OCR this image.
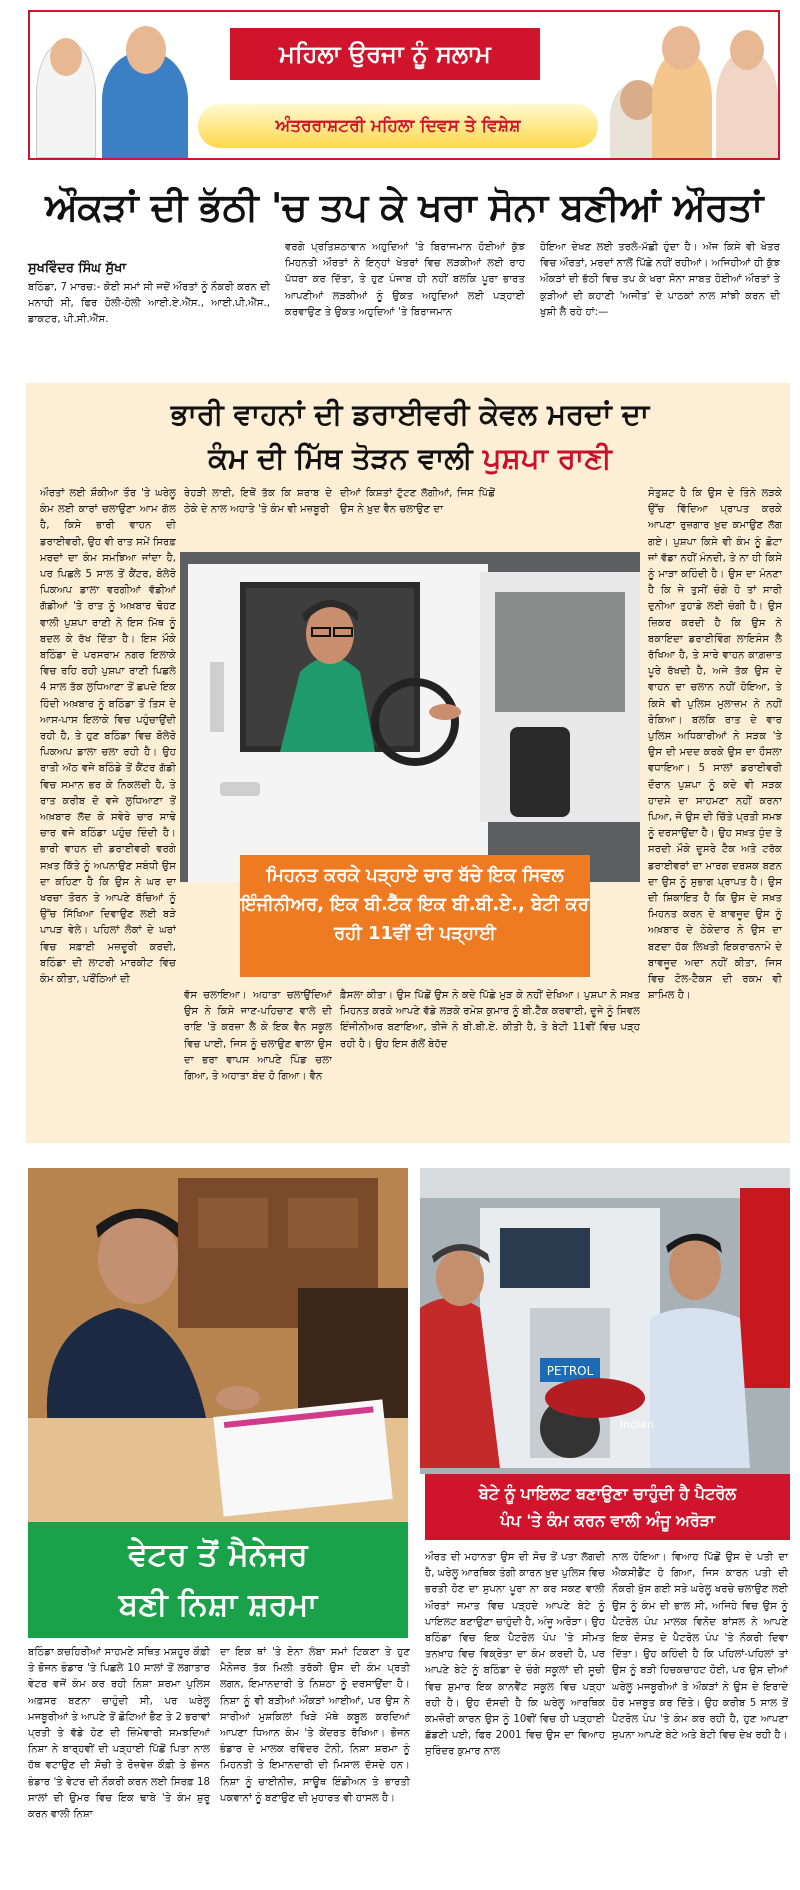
ਮਹਿਲਾ ਉਰਜਾ ਨੂੰ ਸਲਾਮ
ਅੰਤਰਰਾਸ਼ਟਰੀ ਮਹਿਲਾ ਦਿਵਸ ਤੇ ਵਿਸ਼ੇਸ਼
ਔਕੜਾਂ ਦੀ ਭੱਠੀ 'ਚ ਤਪ ਕੇ ਖਰਾ ਸੋਨਾ ਬਣੀਆਂ ਔਰਤਾਂ
ਸੁਖਵਿੰਦਰ ਸਿੰਘ ਸੁੱਖਾ
ਬਠਿੰਡਾ, 7 ਮਾਰਚ:- ਕੋਈ ਸਮਾਂ ਸੀ ਜਦੋਂ ਔਰਤਾਂ ਨੂੰ ਨੌਕਰੀ ਕਰਨ ਦੀ ਮਨਾਹੀ ਸੀ, ਫਿਰ ਹੋਲੀ-ਹੋਲੀ ਆਈ.ਏ.ਐੱਸ., ਆਈ.ਪੀ.ਐੱਸ., ਡਾਕਟਰ, ਪੀ.ਸੀ.ਐੱਸ.
ਵਰਗੇ ਪ੍ਰਤਿਸ਼ਠਾਵਾਨ ਅਹੁਦਿਆਂ 'ਤੇ ਬਿਰਾਜਮਾਨ ਹੋਈਆਂ ਕੁੱਝ ਮਿਹਨਤੀ ਔਰਤਾਂ ਨੇ ਇਨ੍ਹਾਂ ਖੇਤਰਾਂ ਵਿਚ ਲੜਕੀਆਂ ਲਈ ਰਾਹ ਪੱਧਰਾ ਕਰ ਦਿੱਤਾ, ਤੇ ਹੁਣ ਪੰਜਾਬ ਹੀ ਨਹੀਂ ਬਲਕਿ ਪੂਰਾ ਭਾਰਤ ਆਪਣੀਆਂ ਲੜਕੀਆਂ ਨੂੰ ਉਕਤ ਅਹੁਦਿਆਂ ਲਈ ਪੜ੍ਹਾਈ ਕਰਵਾਉਣ ਤੇ ਉਕਤ ਅਹੁਦਿਆਂ 'ਤੇ ਬਿਰਾਜਮਾਨ
ਹੋਇਆ ਦੇਖਣ ਲਈ ਤਰਲੋ-ਮੱਛੀ ਹੁੰਦਾ ਹੈ। ਅੱਜ ਕਿਸੇ ਵੀ ਖੇਤਰ ਵਿਚ ਔਰਤਾਂ, ਮਰਦਾਂ ਨਾਲੋਂ ਪਿੱਛੇ ਨਹੀਂ ਰਹੀਆਂ। ਅਜਿਹੀਆਂ ਹੀ ਕੁੱਝ ਔਕੜਾਂ ਦੀ ਭੱਠੀ ਵਿਚ ਤਪ ਕੇ ਖਰਾ ਸੋਨਾ ਸਾਬਤ ਹੋਈਆਂ ਔਰਤਾਂ ਤੇ ਕੁੜੀਆਂ ਦੀ ਕਹਾਣੀ 'ਅਜੀਤ' ਦੇ ਪਾਠਕਾਂ ਨਾਲ ਸਾਂਝੀ ਕਰਨ ਦੀ ਖੁਸ਼ੀ ਲੈ ਰਹੇ ਹਾਂ:—
ਭਾਰੀ ਵਾਹਨਾਂ ਦੀ ਡਰਾਈਵਰੀ ਕੇਵਲ ਮਰਦਾਂ ਦਾ
ਕੰਮ ਦੀ ਮਿੱਥ ਤੋੜਨ ਵਾਲੀ ਪੁਸ਼ਪਾ ਰਾਣੀ
ਔਰਤਾਂ ਲਈ ਸ਼ੌਕੀਆ ਤੌਰ 'ਤੇ ਘਰੇਲੂ ਕੰਮ ਲਈ ਕਾਰਾਂ ਚਲਾਉਣਾ ਆਮ ਗੱਲ ਹੈ, ਕਿਸੇ ਭਾਰੀ ਵਾਹਨ ਦੀ ਡਰਾਈਵਰੀ, ਉਹ ਵੀ ਰਾਤ ਸਮੇਂ ਸਿਰਫ਼ ਮਰਦਾਂ ਦਾ ਕੰਮ ਸਮਝਿਆ ਜਾਂਦਾ ਹੈ, ਪਰ ਪਿਛਲੇ 5 ਸਾਲ ਤੋਂ ਕੈਂਟਰ, ਬੋਲੇਰੋ ਪਿਕਅਪ ਡਾਲਾ ਵਰਗੀਆਂ ਵੱਡੀਆਂ ਗੱਡੀਆਂ 'ਤੇ ਰਾਤ ਨੂੰ ਅਖ਼ਬਾਰ ਢੋਹਣ ਵਾਲੀ ਪੁਸ਼ਪਾ ਰਾਣੀ ਨੇ ਇਸ ਮਿੱਥ ਨੂੰ ਬਦਲ ਕੇ ਰੱਖ ਦਿੱਤਾ ਹੈ। ਇਸ ਮੌਕੇ ਬਠਿੰਡਾ ਦੇ ਪਰਸਰਾਮ ਨਗਰ ਇਲਾਕੇ ਵਿਚ ਰਹਿ ਰਹੀ ਪੁਸ਼ਪਾ ਰਾਣੀ ਪਿਛਲੇ 4 ਸਾਲ ਤੱਕ ਲੁਧਿਆਣਾ ਤੋਂ ਛਪਦੇ ਇਕ ਹਿੰਦੀ ਅਖ਼ਬਾਰ ਨੂੰ ਬਠਿੰਡਾ ਤੋਂ ਤਿਸ ਦੇ ਆਸ-ਪਾਸ ਇਲਾਕੇ ਵਿਚ ਪਹੁੰਚਾਉਂਦੀ ਰਹੀ ਹੈ, ਤੇ ਹੁਣ ਬਠਿੰਡਾ ਵਿਚ ਬੋਲੇਰੋ ਪਿਕਅਪ ਡਾਲਾ ਚਲਾ ਰਹੀ ਹੈ। ਉਹ ਰਾਤੀ ਅੱਠ ਵਜੇ ਬਠਿੰਡੇ ਤੋਂ ਕੈਂਟਰ ਗੱਡੀ ਵਿਚ ਸਮਾਨ ਭਰ ਕੇ ਨਿਕਲਦੀ ਹੈ, ਤੇ ਰਾਤ ਕਰੀਬ ਦੋ ਵਜੇ ਲੁਧਿਆਣਾ ਤੋਂ ਅਖ਼ਬਾਰ ਲੱਦ ਕੇ ਸਵੇਰੇ ਚਾਰ ਸਾਢੇ ਚਾਰ ਵਜੇ ਬਠਿੰਡਾ ਪਹੁੰਚ ਦਿੰਦੀ ਹੈ। ਭਾਰੀ ਵਾਹਨ ਦੀ ਡਰਾਈਵਰੀ ਵਰਗੇ ਸਖ਼ਤ ਕਿੱਤੇ ਨੂੰ ਅਪਨਾਉਣ ਸਬੰਧੀ ਉਸ ਦਾ ਕਹਿਣਾ ਹੈ ਕਿ ਉਸ ਨੇ ਘਰ ਦਾ ਖਰਚਾ ਤੋਰਨ ਤੇ ਆਪਣੇ ਬੱਚਿਆਂ ਨੂੰ ਉੱਚ ਸਿੱਖਿਆ ਦਿਵਾਉਣ ਲਈ ਬੜੇ ਪਾਪੜ ਵੇਲੇ। ਪਹਿਲਾਂ ਲੋਕਾਂ ਦੇ ਘਰਾਂ ਵਿਚ ਸਫ਼ਾਈ ਮਜ਼ਦੂਰੀ ਕਰਦੀ, ਬਠਿੰਡਾ ਦੀ ਲਾਟਰੀ ਮਾਰਕੀਟ ਵਿਚ ਕੰਮ ਕੀਤਾ, ਪਰੌਂਠਿਆਂ ਦੀ
ਰੇਹੜੀ ਲਾਈ, ਇਥੋਂ ਤੱਕ ਕਿ ਸ਼ਰਾਬ ਦੇ ਠੇਕੇ ਦੇ ਨਾਲ ਅਹਾਤੇ 'ਤੇ ਕੰਮ ਵੀ ਮਜ਼ਬੂਰੀ
ਦੀਆਂ ਕਿਸ਼ਤਾਂ ਟੁੱਟਣ ਲੱਗੀਆਂ, ਜਿਸ ਪਿੱਛੋਂ ਉਸ ਨੇ ਖ਼ੁਦ ਵੈਨ ਚਲਾਉਣ ਦਾ
ਸੰਤੁਸ਼ਟ ਹੈ ਕਿ ਉਸ ਦੇ ਤਿੰਨੇ ਲੜਕੇ ਉੱਚ ਵਿੱਦਿਆ ਪ੍ਰਾਪਤ ਕਰਕੇ ਆਪਣਾ ਰੁਜ਼ਗਾਰ ਖ਼ੁਦ ਕਮਾਉਣ ਲੱਗ ਗਏ। ਪੁਸ਼ਪਾ ਕਿਸੇ ਵੀ ਕੰਮ ਨੂੰ ਛੋਟਾ ਜਾਂ ਵੱਡਾ ਨਹੀਂ ਮੰਨਦੀ, ਤੇ ਨਾ ਹੀ ਕਿਸੇ ਨੂੰ ਮਾੜਾ ਕਹਿੰਦੀ ਹੈ। ਉਸ ਦਾ ਮੰਨਣਾ ਹੈ ਕਿ ਜੇ ਤੁਸੀਂ ਚੰਗੇ ਹੋ ਤਾਂ ਸਾਰੀ ਦੁਨੀਆ ਤੁਹਾਡੇ ਲਈ ਚੰਗੀ ਹੈ। ਉਸ ਜ਼ਿਕਰ ਕਰਦੀ ਹੈ ਕਿ ਉਸ ਨੇ ਬਕਾਇਦਾ ਡਰਾਈਵਿੰਗ ਲਾਇਸੰਸ ਲੈ ਰੱਖਿਆ ਹੈ, ਤੇ ਸਾਰੇ ਵਾਹਨ ਕਾਗ਼ਜ਼ਾਤ ਪੂਰੇ ਰੱਖਦੀ ਹੈ, ਅਜੇ ਤੱਕ ਉਸ ਦੇ ਵਾਹਨ ਦਾ ਚਲਾਨ ਨਹੀਂ ਹੋਇਆ, ਤੇ ਕਿਸੇ ਵੀ ਪੁਲਿਸ ਮੁਲਾਜ਼ਮ ਨੇ ਨਹੀਂ ਰੋਕਿਆ। ਬਲਕਿ ਰਾਤ ਦੇ ਵਾਰ ਪੁਲਿਸ ਅਧਿਕਾਰੀਆਂ ਨੇ ਸੜਕ 'ਤੇ ਉਸ ਦੀ ਮਦਦ ਕਰਕੇ ਉਸ ਦਾ ਹੌਸਲਾ ਵਧਾਇਆ। 5 ਸਾਲਾਂ ਡਰਾਈਵਰੀ ਦੌਰਾਨ ਪੁਸ਼ਪਾ ਨੂੰ ਕਦੇ ਵੀ ਸੜਕ ਹਾਦਸੇ ਦਾ ਸਾਹਮਣਾ ਨਹੀਂ ਕਰਨਾ ਪਿਆ, ਜੋ ਉਸ ਦੀ ਚਿੱਤੇ ਪ੍ਰਤੀ ਸਮਝ ਨੂੰ ਦਰਸਾਉਂਦਾ ਹੈ। ਉਹ ਸਖ਼ਤ ਧੁੰਦ ਤੇ ਸਰਦੀ ਮੌਕੇ ਦੂਸਰੇ ਟੈਕ ਅਤੇ ਟਰੱਕ ਡਰਾਈਵਰਾਂ ਦਾ ਮਾਰਗ ਦਰਸ਼ਕ ਬਣਨ ਦਾ ਉਸ ਨੂੰ ਸੁਭਾਗ ਪ੍ਰਾਪਤ ਹੈ। ਉਸ ਦੀ ਸ਼ਿਕਾਇਤ ਹੈ ਕਿ ਉਸ ਦੇ ਸਖ਼ਤ ਮਿਹਨਤ ਕਰਨ ਦੇ ਬਾਵਜੂਦ ਉਸ ਨੂੰ ਅਖ਼ਬਾਰ ਦੇ ਠੇਕੇਦਾਰ ਨੇ ਉਸ ਦਾ ਬਣਦਾ ਹੱਕ ਲਿਖਤੀ ਇਕਰਾਰਨਾਮੇ ਦੇ ਬਾਵਜੂਦ ਅਦਾ ਨਹੀਂ ਕੀਤਾ, ਜਿਸ ਵਿਚ ਟੋਲ-ਟੈਕਸ ਦੀ ਰਕਮ ਵੀ ਸ਼ਾਮਿਲ ਹੈ।
ਮਿਹਨਤ ਕਰਕੇ ਪੜ੍ਹਾਏ ਚਾਰ ਬੱਚੇ ਇਕ ਸਿਵਲ ਇੰਜੀਨੀਅਰ, ਇਕ ਬੀ.ਟੈੱਕ ਇਕ ਬੀ.ਬੀ.ਏ., ਬੇਟੀ ਕਰ ਰਹੀ 11ਵੀਂ ਦੀ ਪੜ੍ਹਾਈ
ਵੱਸ ਚਲਾਇਆ। ਅਹਾਤਾ ਚਲਾਉਂਦਿਆਂ ਉਸ ਨੇ ਕਿਸੇ ਜਾਣ-ਪਹਿਚਾਣ ਵਾਲੇ ਦੀ ਰਾਇ 'ਤੇ ਕਰਜ਼ਾ ਲੈ ਕੇ ਇਕ ਵੈਨ ਸਕੂਲ ਵਿਚ ਪਾਈ, ਜਿਸ ਨੂੰ ਚਲਾਉਣ ਵਾਲਾ ਉਸ ਦਾ ਭਰਾ ਵਾਪਸ ਆਪਣੇ ਪਿੰਡ ਚਲਾ ਗਿਆ, ਤੇ ਅਹਾਤਾ ਬੰਦ ਹੋ ਗਿਆ। ਵੈਨ
ਫ਼ੈਸਲਾ ਕੀਤਾ। ਉਸ ਪਿੱਛੋਂ ਉਸ ਨੇ ਕਦੇ ਪਿੱਛੇ ਮੁੜ ਕੇ ਨਹੀਂ ਦੇਖਿਆ। ਪੁਸ਼ਪਾ ਨੇ ਸਖ਼ਤ ਮਿਹਨਤ ਕਰਕੇ ਆਪਣੇ ਵੱਡੇ ਲੜਕੇ ਰਮੇਸ਼ ਕੁਮਾਰ ਨੂੰ ਬੀ.ਟੈੱਕ ਕਰਵਾਈ, ਦੂਜੇ ਨੂੰ ਸਿਵਲ ਇੰਜੀਨੀਅਰ ਬਣਾਇਆ, ਤੀਜੇ ਨੇ ਬੀ.ਬੀ.ਏ. ਕੀਤੀ ਹੈ, ਤੇ ਬੇਟੀ 11ਵੀਂ ਵਿਚ ਪੜ੍ਹ ਰਹੀ ਹੈ। ਉਹ ਇਸ ਗੱਲੋਂ ਬੇਹੱਦ
ਵੇਟਰ ਤੋਂ ਮੈਨੇਜਰ
ਬਣੀ ਨਿਸ਼ਾ ਸ਼ਰਮਾ
PETROL
Indian
ਬੇਟੇ ਨੂੰ ਪਾਇਲਟ ਬਣਾਉਣਾ ਚਾਹੁੰਦੀ ਹੈ ਪੈਟਰੋਲ
ਪੰਪ 'ਤੇ ਕੰਮ ਕਰਨ ਵਾਲੀ ਅੰਜੂ ਅਰੋੜਾ
ਬਠਿੰਡਾ ਕਚਹਿਰੀਆਂ ਸਾਹਮਣੇ ਸਥਿਤ ਮਸ਼ਹੂਰ ਕੌਫ਼ੀ ਤੇ ਭੋਜਨ ਭੰਡਾਰ 'ਤੇ ਪਿਛਲੇ 10 ਸਾਲਾਂ ਤੋਂ ਲਗਾਤਾਰ ਵੇਟਰ ਵਜੋਂ ਕੰਮ ਕਰ ਰਹੀ ਨਿਸ਼ਾ ਸ਼ਰਮਾ ਪੁਲਿਸ ਅਫ਼ਸਰ ਬਣਨਾ ਚਾਹੁੰਦੀ ਸੀ, ਪਰ ਘਰੇਲੂ ਮਜਬੂਰੀਆਂ ਤੇ ਆਪਣੇ ਤੋਂ ਛੋਟਿਆਂ ਭੈਣ ਤੇ 2 ਭਰਾਵਾਂ ਪ੍ਰਤੀ ਤੇ ਵੱਡੇ ਹੋਣ ਦੀ ਜ਼ਿੰਮੇਵਾਰੀ ਸਮਝਦਿਆਂ ਨਿਸ਼ਾ ਨੇ ਬਾਰ੍ਹਵੀਂ ਦੀ ਪੜ੍ਹਾਈ ਪਿੱਛੋਂ ਪਿਤਾ ਨਾਲ ਹੱਥ ਵਟਾਉਣ ਦੀ ਸੋਚੀ ਤੇ ਰੋਜ਼ਵੇਜ਼ ਕੌਫ਼ੀ ਤੇ ਭੋਜਨ ਭੰਡਾਰ 'ਤੇ ਵੇਟਰ ਦੀ ਨੌਕਰੀ ਕਰਨ ਲਈ ਸਿਰਫ਼ 18 ਸਾਲਾਂ ਦੀ ਉਮਰ ਵਿਚ ਇਕ ਢਾਬੇ 'ਤੇ ਕੰਮ ਸ਼ੁਰੂ ਕਰਨ ਵਾਲੀ ਨਿਸ਼ਾ
ਦਾ ਇਕ ਥਾਂ 'ਤੇ ਏਨਾ ਲੰਬਾ ਸਮਾਂ ਟਿਕਣਾ ਤੇ ਹੁਣ ਮੈਨੇਜਰ ਤੱਕ ਮਿਲੀ ਤਰੱਕੀ ਉਸ ਦੀ ਕੰਮ ਪ੍ਰਤੀ ਲਗਨ, ਇਮਾਨਦਾਰੀ ਤੇ ਨਿਸ਼ਠਾ ਨੂੰ ਦਰਸਾਉਂਦਾ ਹੈ। ਨਿਸ਼ਾ ਨੂੰ ਵੀ ਬੜੀਆਂ ਔਕੜਾਂ ਆਈਆਂ, ਪਰ ਉਸ ਨੇ ਸਾਰੀਆਂ ਮੁਸ਼ਕਿਲਾਂ ਖਿੜੇ ਮੱਥੇ ਕਬੂਲ ਕਰਦਿਆਂ ਆਪਣਾ ਧਿਆਨ ਕੰਮ 'ਤੇ ਕੇਂਦਰਤ ਰੱਖਿਆ। ਭੋਜਨ ਭੰਡਾਰ ਦੇ ਮਾਲਕ ਰਵਿੰਦਰ ਟੋਨੀ, ਨਿਸ਼ਾ ਸ਼ਰਮਾ ਨੂੰ ਮਿਹਨਤੀ ਤੇ ਇਮਾਨਦਾਰੀ ਦੀ ਮਿਸਾਲ ਦੱਸਦੇ ਹਨ। ਨਿਸ਼ਾ ਨੂੰ ਚਾਈਨੀਜ਼, ਸਾਊਥ ਇੰਡੀਅਨ ਤੇ ਭਾਰਤੀ ਪਕਵਾਨਾਂ ਨੂੰ ਬਣਾਉਣ ਦੀ ਮੁਹਾਰਤ ਵੀ ਹਾਸਲ ਹੈ।
ਔਰਤ ਦੀ ਮਹਾਨਤਾ ਉਸ ਦੀ ਸੋਚ ਤੋਂ ਪਤਾ ਲੱਗਦੀ ਹੈ, ਘਰੇਲੂ ਆਰਥਿਕ ਤੰਗੀ ਕਾਰਨ ਖ਼ੁਦ ਪੁਲਿਸ ਵਿਚ ਭਰਤੀ ਹੋਣ ਦਾ ਸੁਪਨਾ ਪੂਰਾ ਨਾ ਕਰ ਸਕਣ ਵਾਲੀ ਔਰਤਾਂ ਜਮਾਤ ਵਿਚ ਪੜ੍ਹਦੇ ਆਪਣੇ ਬੇਟੇ ਨੂੰ ਪਾਇਲਟ ਬਣਾਉਣਾ ਚਾਹੁੰਦੀ ਹੈ, ਅੰਜੂ ਅਰੋੜਾ। ਉਹ ਬਠਿੰਡਾ ਵਿਚ ਇਕ ਪੈਟਰੋਲ ਪੰਪ 'ਤੇ ਸੀਮਤ ਤਨਖ਼ਾਹ ਵਿਚ ਵਿਕ੍ਰੇਤਾ ਦਾ ਕੰਮ ਕਰਦੀ ਹੈ, ਪਰ ਆਪਣੇ ਬੇਟੇ ਨੂੰ ਬਠਿੰਡਾ ਦੇ ਚੰਗੇ ਸਕੂਲਾਂ ਦੀ ਸੂਚੀ ਵਿਚ ਸ਼ੁਮਾਰ ਇਕ ਕਾਨਵੈਂਟ ਸਕੂਲ ਵਿਚ ਪੜ੍ਹਾ ਰਹੀ ਹੈ। ਉਹ ਦੱਸਦੀ ਹੈ ਕਿ ਘਰੇਲੂ ਆਰਥਿਕ ਕਮਜ਼ੋਰੀ ਕਾਰਨ ਉਸ ਨੂੰ 10ਵੀਂ ਵਿਚ ਹੀ ਪੜ੍ਹਾਈ ਛੱਡਣੀ ਪਈ, ਫਿਰ 2001 ਵਿਚ ਉਸ ਦਾ ਵਿਆਹ ਸੁਰਿੰਦਰ ਕੁਮਾਰ ਨਾਲ
ਨਾਲ ਹੋਇਆ। ਵਿਆਹ ਪਿੱਛੋਂ ਉਸ ਦੇ ਪਤੀ ਦਾ ਐਕਸੀਡੈਂਟ ਹੋ ਗਿਆ, ਜਿਸ ਕਾਰਨ ਪਤੀ ਦੀ ਨੌਕਰੀ ਖੁੱਸ ਗਈ ਸਤੇ ਘਰੇਲੂ ਖਰਚੇ ਚਲਾਉਣ ਲਈ ਉਸ ਨੂੰ ਕੰਮ ਦੀ ਭਾਲ ਸੀ, ਅਜਿਹੇ ਵਿਚ ਉਸ ਨੂੰ ਪੈਟਰੋਲ ਪੰਪ ਮਾਲਕ ਵਿਨੋਦ ਬਾਂਸਲ ਨੇ ਆਪਣੇ ਇਕ ਦੋਸਤ ਦੇ ਪੈਟਰੋਲ ਪੰਪ 'ਤੇ ਨੌਕਰੀ ਦਿਵਾ ਦਿੱਤਾ। ਉਹ ਕਹਿੰਦੀ ਹੈ ਕਿ ਪਹਿਲਾਂ-ਪਹਿਲਾਂ ਤਾਂ ਉਸ ਨੂੰ ਬੜੀ ਹਿਚਕਚਾਹਟ ਹੋਈ, ਪਰ ਉਸ ਦੀਆਂ ਘਰੇਲੂ ਮਜਬੂਰੀਆਂ ਤੇ ਔਕੜਾਂ ਨੇ ਉਸ ਦੇ ਇਰਾਦੇ ਹੋਰ ਮਜ਼ਬੂਤ ਕਰ ਦਿੱਤੇ। ਉਹ ਕਰੀਬ 5 ਸਾਲ ਤੋਂ ਪੈਟਰੋਲ ਪੰਪ 'ਤੇ ਕੰਮ ਕਰ ਰਹੀ ਹੈ, ਹੁਣ ਆਪਣਾ ਸੁਪਨਾ ਆਪਣੇ ਬੇਟੇ ਅਤੇ ਬੇਟੀ ਵਿਚ ਦੇਖ ਰਹੀ ਹੈ।
